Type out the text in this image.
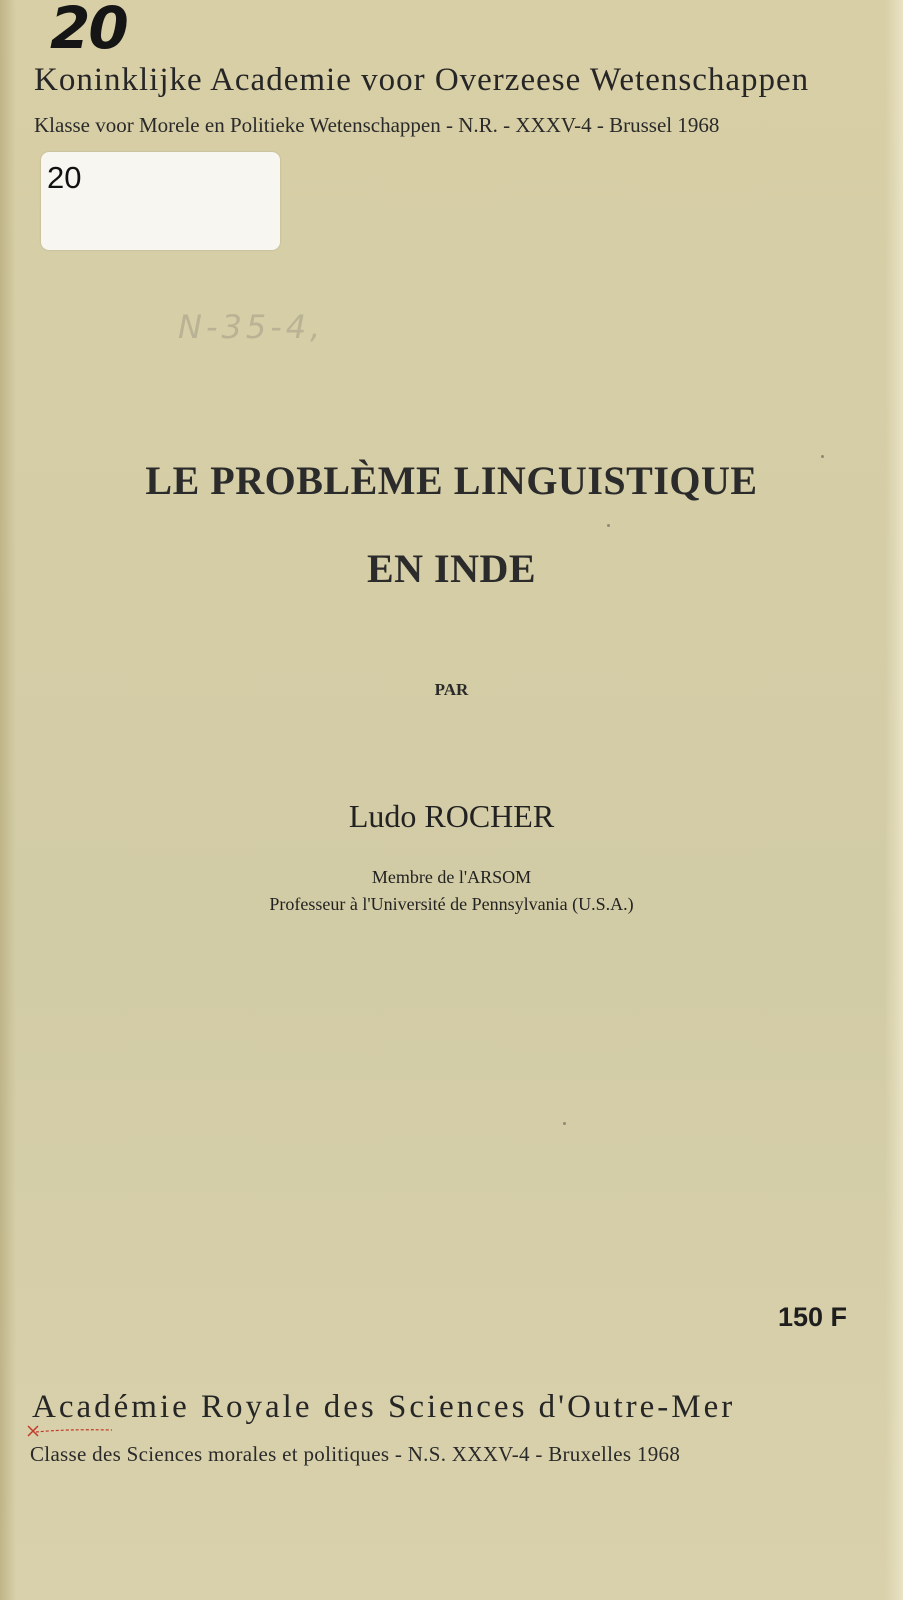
20
Koninklijke Academie voor Overzeese Wetenschappen
Klasse voor Morele en Politieke Wetenschappen - N.R. - XXXV-4 - Brussel 1968
20
N-35-4,
LE PROBLÈME LINGUISTIQUE
EN INDE
PAR
Ludo ROCHER
Membre de l'ARSOM
Professeur à l'Université de Pennsylvania (U.S.A.)
150 F
Académie Royale des Sciences d'Outre-Mer
Classe des Sciences morales et politiques - N.S. XXXV-4 - Bruxelles 1968
